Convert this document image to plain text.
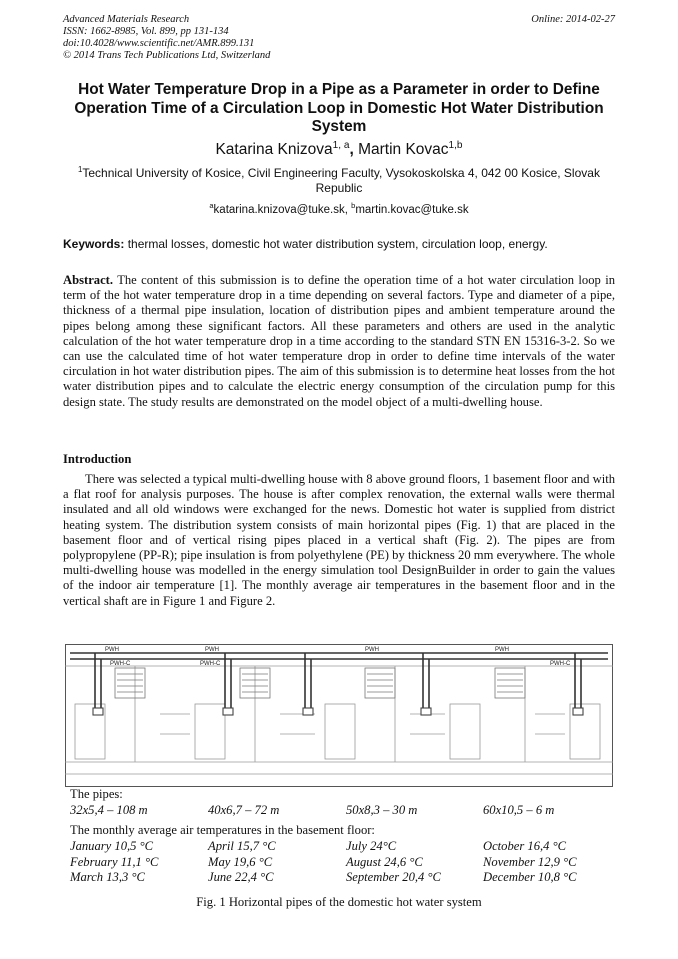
Advanced Materials Research
ISSN: 1662-8985, Vol. 899, pp 131-134
doi:10.4028/www.scientific.net/AMR.899.131
© 2014 Trans Tech Publications Ltd, Switzerland
Online: 2014-02-27
Hot Water Temperature Drop in a Pipe as a Parameter in order to Define Operation Time of a Circulation Loop in Domestic Hot Water Distribution System
Katarina Knizova$^{1, a}$, Martin Kovac$^{1,b}$
$^1$Technical University of Kosice, Civil Engineering Faculty, Vysokoskolska 4, 042 00 Kosice, Slovak Republic
$^a$katarina.knizova@tuke.sk, $^b$martin.kovac@tuke.sk
Keywords: thermal losses, domestic hot water distribution system, circulation loop, energy.
Abstract. The content of this submission is to define the operation time of a hot water circulation loop in term of the hot water temperature drop in a time depending on several factors. Type and diameter of a pipe, thickness of a thermal pipe insulation, location of distribution pipes and ambient temperature around the pipes belong among these significant factors. All these parameters and others are used in the analytic calculation of the hot water temperature drop in a time according to the standard STN EN 15316-3-2. So we can use the calculated time of hot water temperature drop in order to define time intervals of the water circulation in hot water distribution pipes. The aim of this submission is to determine heat losses from the hot water distribution pipes and to calculate the electric energy consumption of the circulation pump for this design state. The study results are demonstrated on the model object of a multi-dwelling house.
Introduction
There was selected a typical multi-dwelling house with 8 above ground floors, 1 basement floor and with a flat roof for analysis purposes. The house is after complex renovation, the external walls were thermal insulated and all old windows were exchanged for the news. Domestic hot water is supplied from district heating system. The distribution system consists of main horizontal pipes (Fig. 1) that are placed in the basement floor and of vertical rising pipes placed in a vertical shaft (Fig. 2). The pipes are from polypropylene (PP-R); pipe insulation is from polyethylene (PE) by thickness 20 mm everywhere. The whole multi-dwelling house was modelled in the energy simulation tool DesignBuilder in order to gain the values of the indoor air temperature [1]. The monthly average air temperatures in the basement floor and in the vertical shaft are in Figure 1 and Figure 2.
PWH
PWH-C
PWH
PWH-C
PWH	PWH
PWH-C
The pipes:
32x5,4 – 108 m	40x6,7 – 72 m	50x8,3 – 30 m	60x10,5 – 6 m
The monthly average air temperatures in the basement floor:
January 10,5 °C	April 15,7 °C	July 24°C	October 16,4 °C
February 11,1 °C	May 19,6 °C	August 24,6 °C	November 12,9 °C
March 13,3 °C	June 22,4 °C	September 20,4 °C	December 10,8 °C
Fig. 1 Horizontal pipes of the domestic hot water system
